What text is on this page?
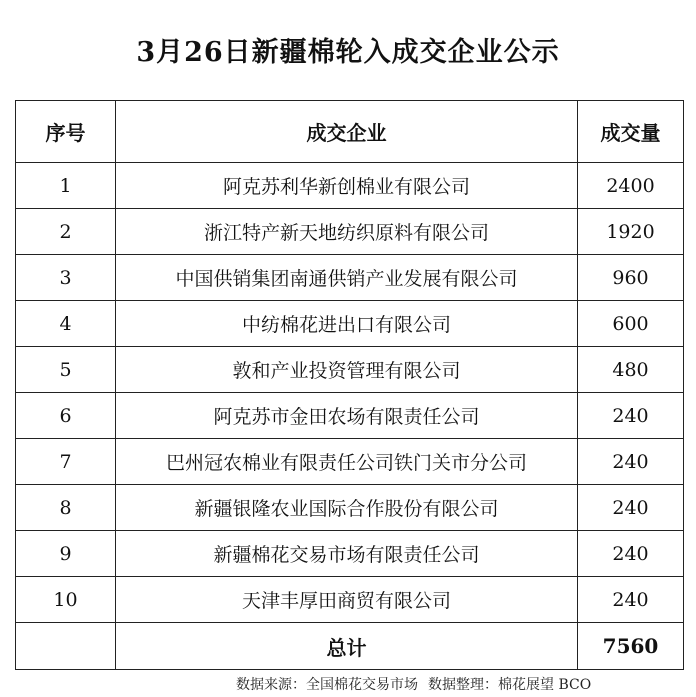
3月26日新疆棉轮入成交企业公示
序号	成交企业	成交量
1	阿克苏利华新创棉业有限公司	2400
2	浙江特产新天地纺织原料有限公司	1920
3	中国供销集团南通供销产业发展有限公司	960
4	中纺棉花进出口有限公司	600
5	敦和产业投资管理有限公司	480
6	阿克苏市金田农场有限责任公司	240
7	巴州冠农棉业有限责任公司铁门关市分公司	240
8	新疆银隆农业国际合作股份有限公司	240
9	新疆棉花交易市场有限责任公司	240
10	天津丰厚田商贸有限公司	240
	总计	7560
数据来源：全国棉花交易市场 数据整理：棉花展望 BCO
